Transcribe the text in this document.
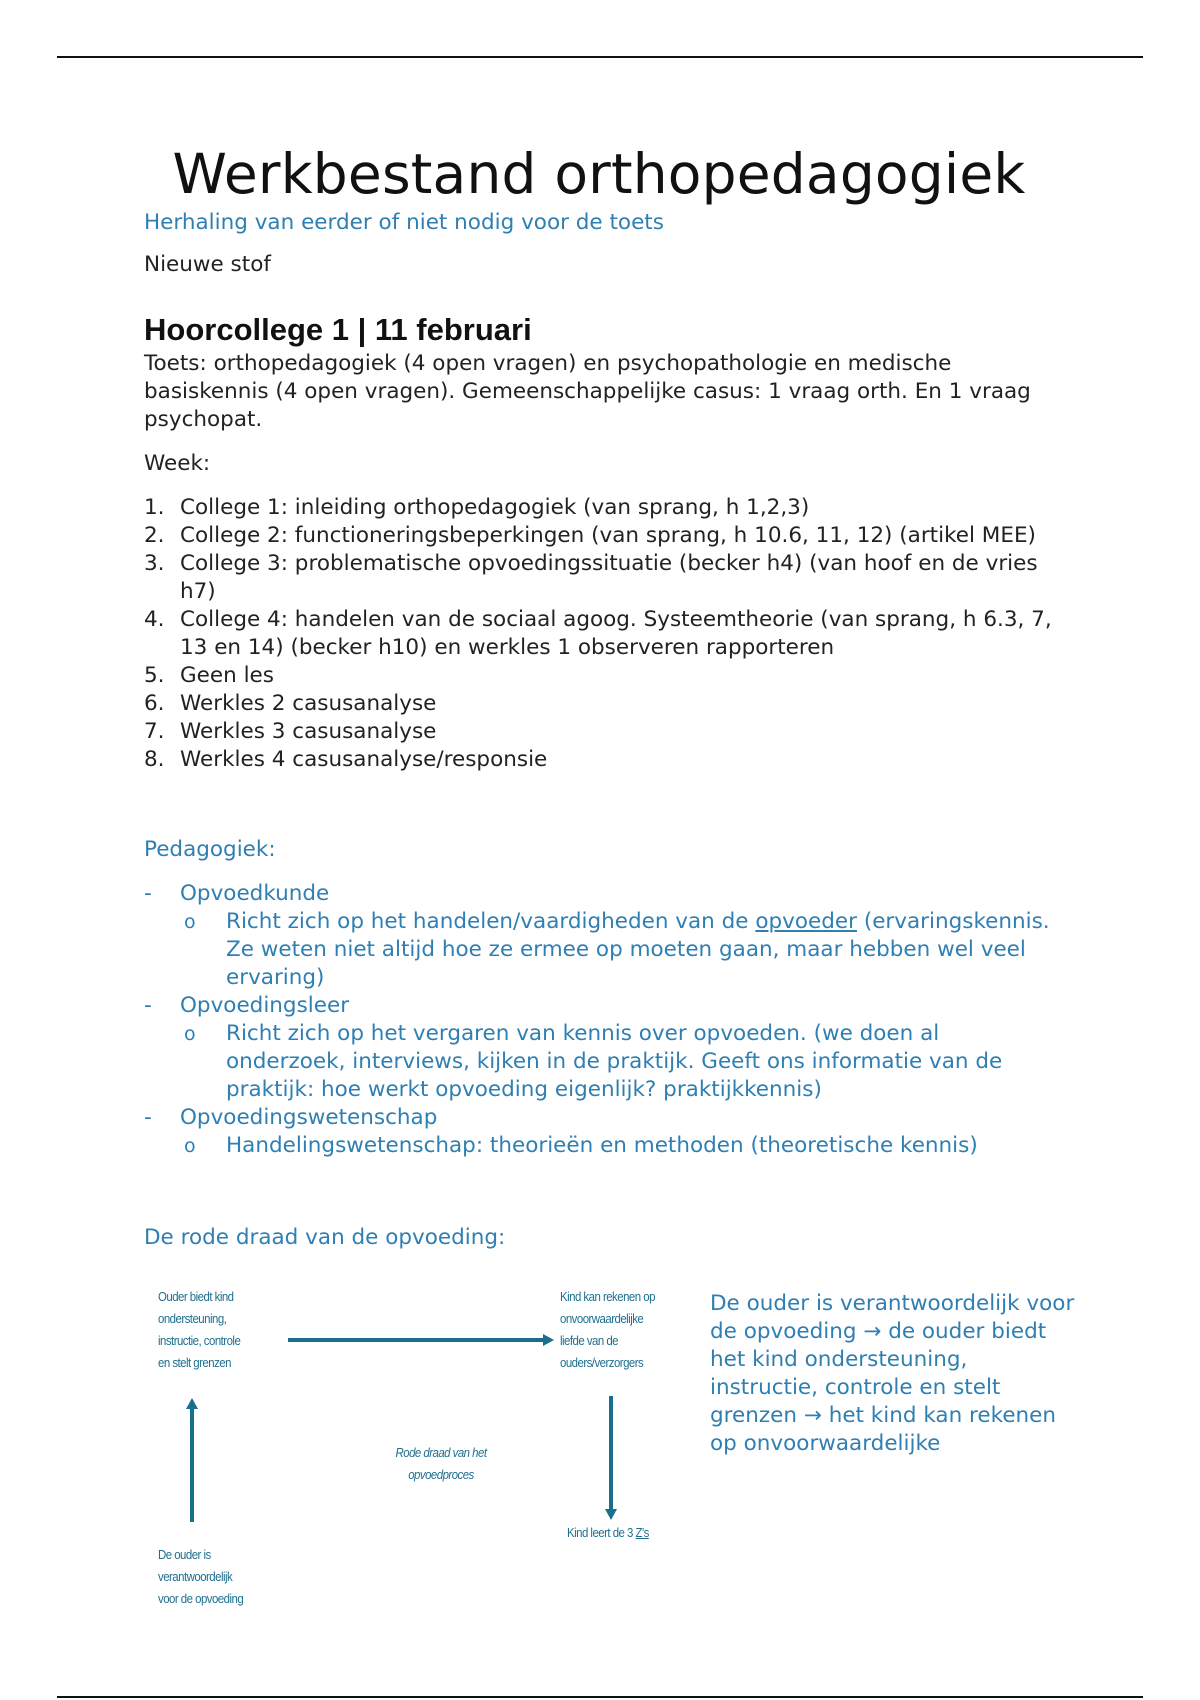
Werkbestand orthopedagogiek

Herhaling van eerder of niet nodig voor de toets

Nieuwe stof

Hoorcollege 1 | 11 februari

Toets: orthopedagogiek (4 open vragen) en psychopathologie en medische basiskennis (4 open vragen). Gemeenschappelijke casus: 1 vraag orth. En 1 vraag psychopat.

Week:

1. College 1: inleiding orthopedagogiek (van sprang, h 1,2,3)
2. College 2: functioneringsbeperkingen (van sprang, h 10.6, 11, 12) (artikel MEE)
3. College 3: problematische opvoedingssituatie (becker h4) (van hoof en de vries h7)
4. College 4: handelen van de sociaal agoog. Systeemtheorie (van sprang, h 6.3, 7, 13 en 14) (becker h10) en werkles 1 observeren rapporteren
5. Geen les
6. Werkles 2 casusanalyse
7. Werkles 3 casusanalyse
8. Werkles 4 casusanalyse/responsie

Pedagogiek:

-	Opvoedkunde
o	Richt zich op het handelen/vaardigheden van de opvoeder (ervaringskennis. Ze weten niet altijd hoe ze ermee op moeten gaan, maar hebben wel veel ervaring)
-	Opvoedingsleer
o	Richt zich op het vergaren van kennis over opvoeden. (we doen al onderzoek, interviews, kijken in de praktijk. Geeft ons informatie van de praktijk: hoe werkt opvoeding eigenlijk? praktijkkennis)
-	Opvoedingswetenschap
o	Handelingswetenschap: theorieën en methoden (theoretische kennis)

De rode draad van de opvoeding:

Ouder biedt kind
ondersteuning,
instructie, controle
en stelt grenzen
Kind kan rekenen op
onvoorwaardelijke
liefde van de
ouders/verzorgers
Rode draad van het
opvoedproces
Kind leert de 3 Z's
De ouder is
verantwoordelijk
voor de opvoeding

De ouder is verantwoordelijk voor de opvoeding → de ouder biedt het kind ondersteuning, instructie, controle en stelt grenzen → het kind kan rekenen op onvoorwaardelijke
